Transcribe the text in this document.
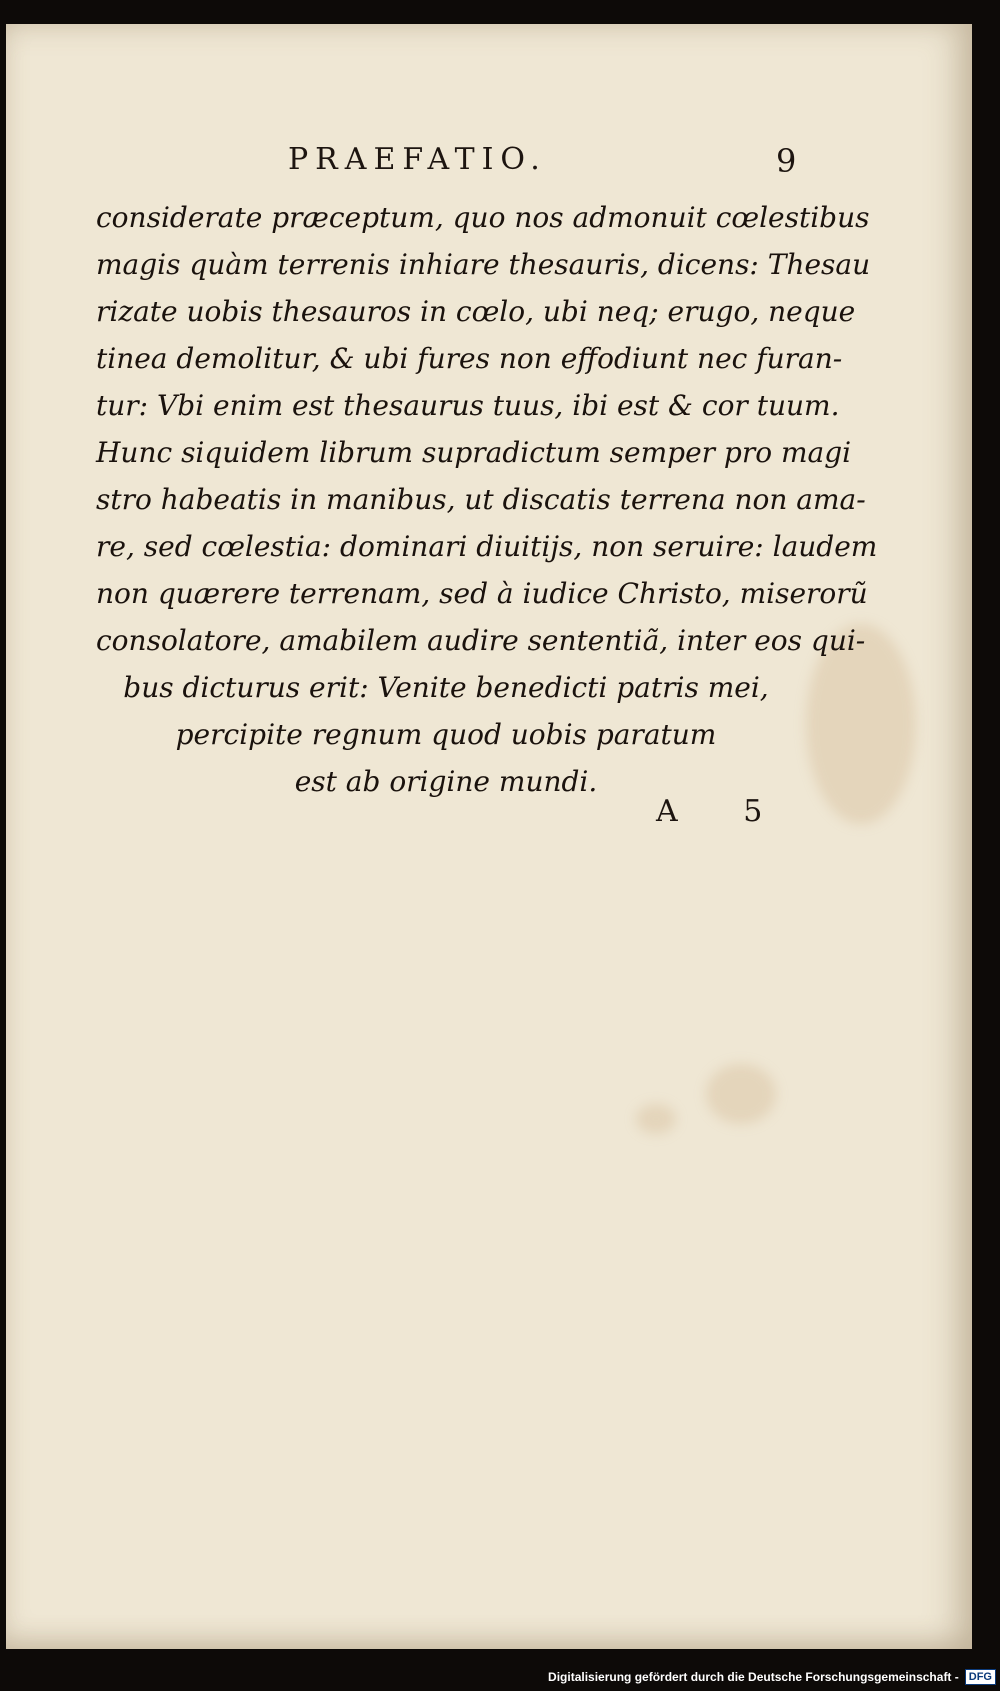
PRAEFATIO.	9
considerate præceptum, quo nos admonuit cœlestibus
magis quàm terrenis inhiare thesauris, dicens: Thesau
rizate uobis thesauros in cœlo, ubi neq; erugo, neque
tinea demolitur, & ubi fures non effodiunt nec furan-
tur: Vbi enim est thesaurus tuus, ibi est & cor tuum.
Hunc siquidem librum supradictum semper pro magi
stro habeatis in manibus, ut discatis terrena non ama-
re, sed cœlestia: dominari diuitijs, non seruire: laudem
non quærere terrenam, sed à iudice Christo, miserorũ
consolatore, amabilem audire sententiã, inter eos qui-
bus dicturus erit: Venite benedicti patris mei,
percipite regnum quod uobis paratum
est ab origine mundi.
A 5
Digitalisierung gefördert durch die Deutsche Forschungsgemeinschaft - DFG
